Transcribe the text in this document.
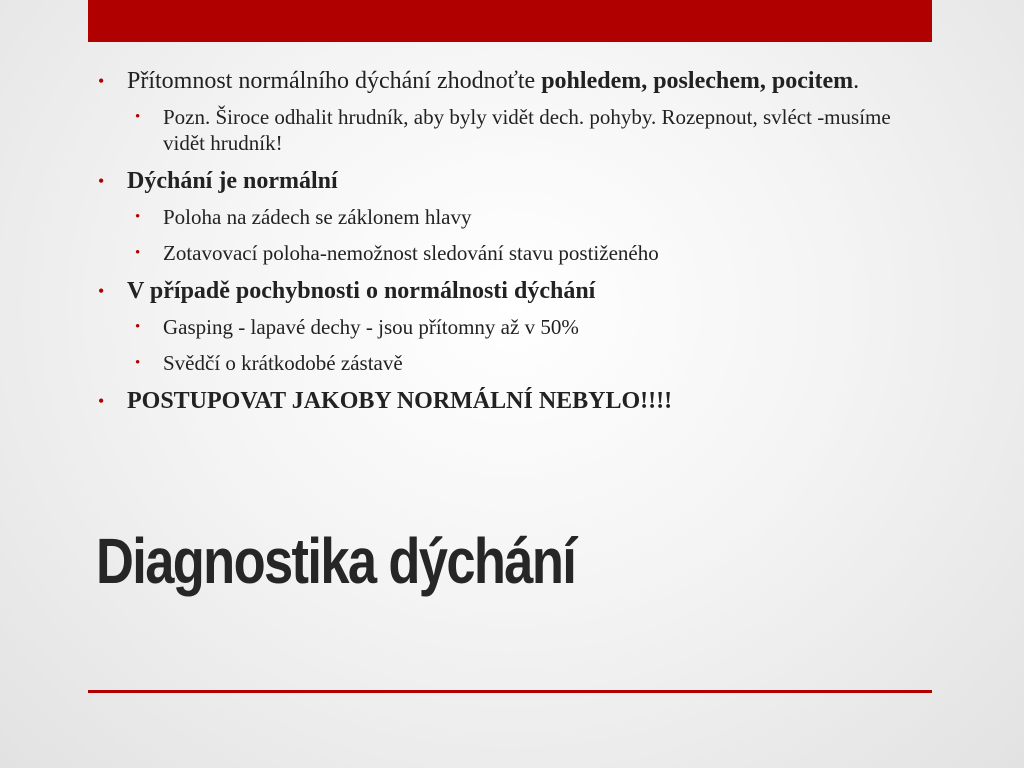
• Přítomnost normálního dýchání zhodnoťte pohledem, poslechem, pocitem.
• Pozn. Široce odhalit hrudník, aby byly vidět dech. pohyby. Rozepnout, svléct -musíme vidět hrudník!
• Dýchání je normální
• Poloha na zádech se záklonem hlavy
• Zotavovací poloha-nemožnost sledování stavu postiženého
• V případě pochybnosti o normálnosti dýchání
• Gasping - lapavé dechy - jsou přítomny až v 50%
• Svědčí o krátkodobé zástavě
• POSTUPOVAT JAKOBY NORMÁLNÍ NEBYLO!!!!
Diagnostika dýchání
